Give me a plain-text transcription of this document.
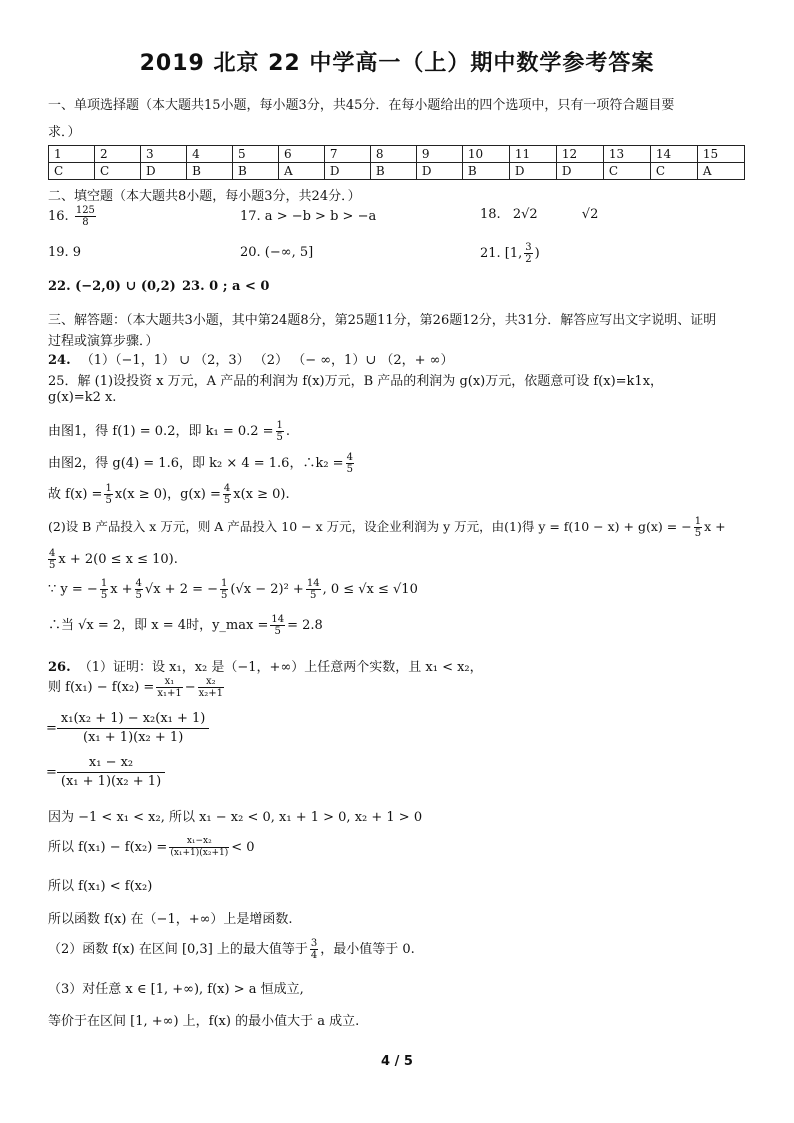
2019 北京 22 中学高一（上）期中数学参考答案
一、单项选择题（本大题共15小题，每小题3分，共45分．在每小题给出的四个选项中，只有一项符合题目要
求．）
1	2	3	4	5	6	7	8	9	10	11	12	13	14	15
C	C	D	B	B	A	D	B	D	B	D	D	C	C	A
二、填空题（本大题共8小题，每小题3分，共24分．）
16. $\frac{125}{8}$	17. a > −b > b > −a	18. 2√2	√2
19. 9	20. (−∞, 5]	21. [1, $\frac{3}{2}$ )
22. (−2,0) ∪ (0,2) 23. 0 ; a < 0
三、解答题：（本大题共3小题，其中第24题8分，第25题11分，第26题12分，共31分．解答应写出文字说明、证明
过程或演算步骤．）
24. （1）（−1，1） ∪ （2，3） （2） （− ∞，1）∪ （2，+ ∞）
25．解 (1)设投资 x 万元，A 产品的利润为 f(x)万元，B 产品的利润为 g(x)万元，依题意可设 f(x)=k1x，
g(x)=k2 x.
由图1，得 f(1) = 0.2，即 $k_1 = 0.2 = \frac{1}{5}$ .
由图2，得 g(4) = 1.6，即 k₂ × 4 = 1.6，∴k₂ = $\frac{4}{5}$
故 $f(x) = \frac{1}{5} x(x \ge 0)$，$g(x) = \frac{4}{5} x(x \ge 0)$.
(2)设 B 产品投入 x 万元，则 A 产品投入 10 − x 万元，设企业利润为 y 万元，由(1)得 y = f(10 − x) + g(x) = − $\frac{1}{5}$ x +
$\frac{4}{5}$ x + 2(0 ≤ x ≤ 10).
∵ y = − $\frac{1}{5}$ $x + \frac{4}{5} √x + 2$ = − $\frac{1}{5} (√x - 2)^2 + \frac{14}{5}$ , 0 ≤ √x ≤ √10
∴当 √x = 2，即 x = 4时，y_max = $\frac{14}{5} = 2.8$
26. （1）证明：设 x₁，x₂ 是（−1，+∞）上任意两个实数，且 x₁ < x₂，
则 $f(x_1) - f(x_2) = \frac{\text{x₁}}{\text{x₁+1}} - \frac{\text{x₂}}{\text{x₂+1}}$
= $\frac{\text{x₁(x₂ + 1) − x₂(x₁ + 1)}}{\text{(x₁ + 1)(x₂ + 1)}}$
= $\frac{\text{x₁ − x₂}}{\text{(x₁ + 1)(x₂ + 1)}}$
因为 −1 < x₁ < x₂, 所以 x₁ − x₂ < 0, x₁ + 1 > 0, x₂ + 1 > 0
所以 $f(x_1) - f(x_2) = \frac{\text{x₁−x₂}}{\text{(x₁+1)(x₂+1)}} < 0$
所以 f(x₁) < f(x₂)
所以函数 f(x) 在（−1，+∞）上是增函数.
（2）函数 f(x) 在区间 [0,3] 上的最大值等于 $\frac{3}{4}$ ，最小值等于 0.
（3）对任意 x ∈ [1, +∞), f(x) > a 恒成立,
等价于在区间 [1, +∞) 上，f(x) 的最小值大于 a 成立.
4 / 5
